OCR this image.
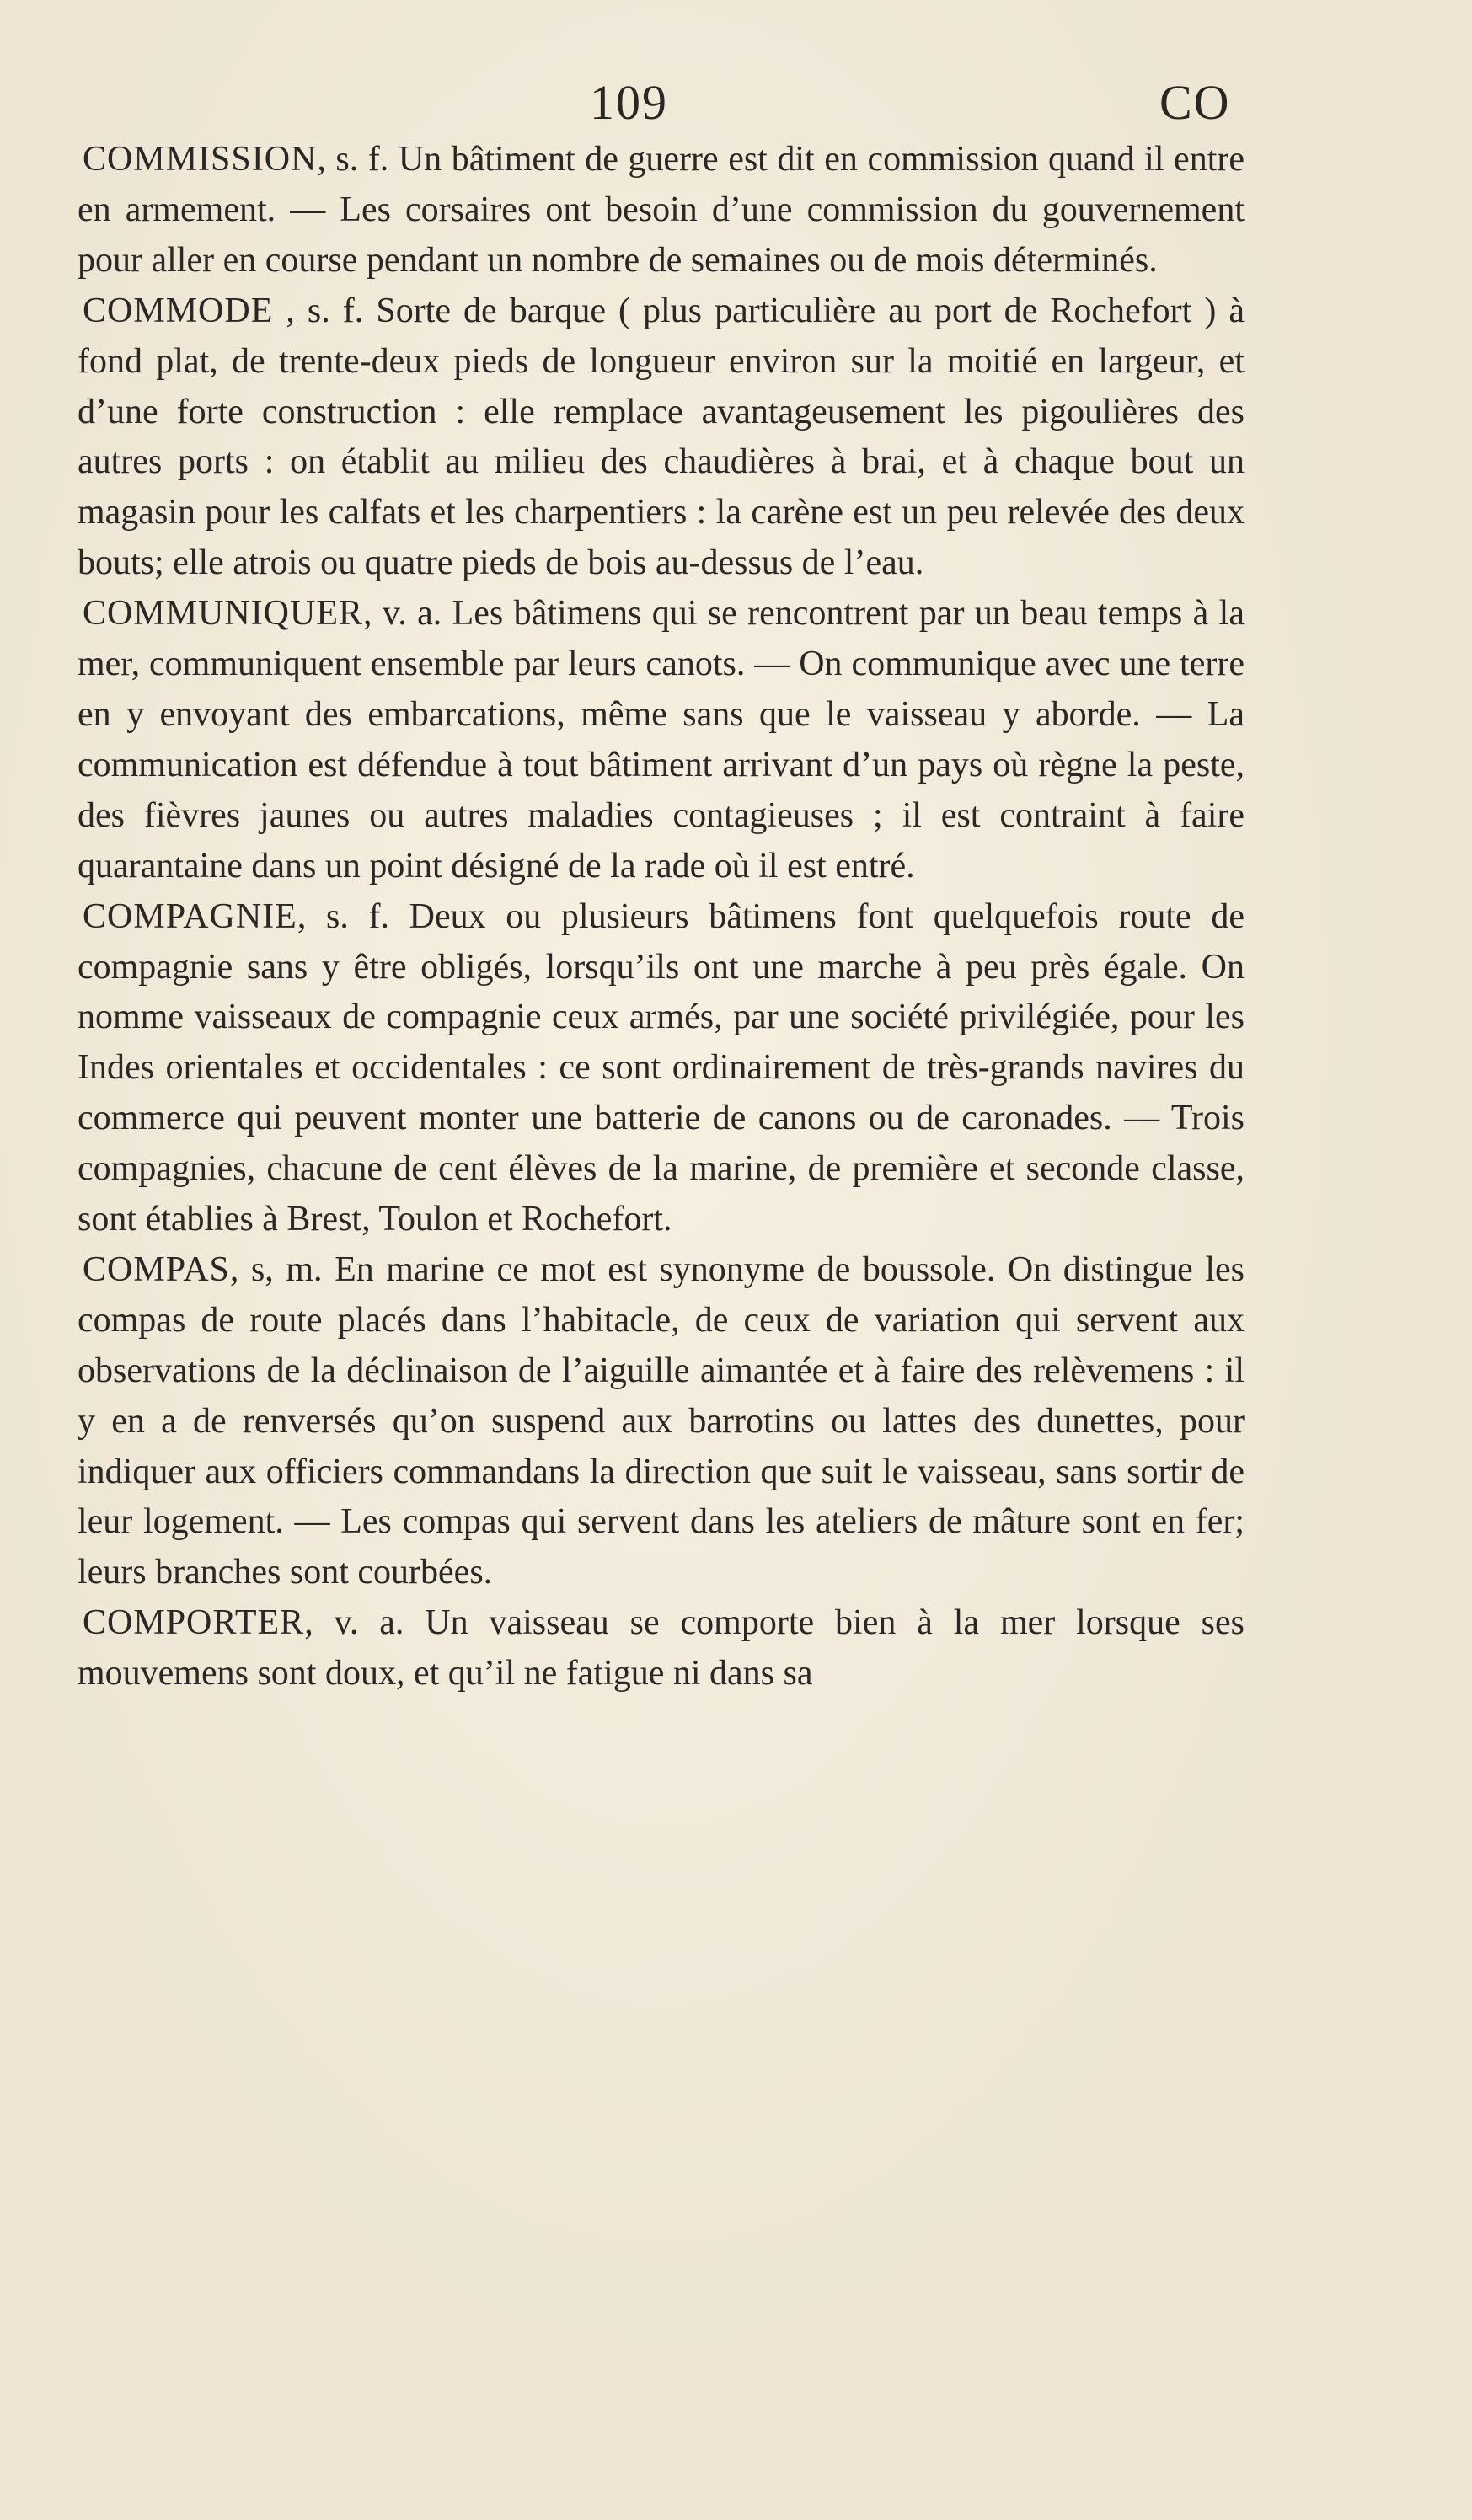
109	CO

COMMISSION, s. f. Un bâtiment de guerre est dit en commission quand il entre en armement. — Les corsaires ont besoin d’une commission du gouvernement pour aller en course pendant un nombre de semaines ou de mois déterminés.

COMMODE , s. f. Sorte de barque ( plus particulière au port de Rochefort ) à fond plat, de trente-deux pieds de longueur environ sur la moitié en largeur, et d’une forte construction : elle remplace avantageusement les pigoulières des autres ports : on établit au milieu des chaudières à brai, et à chaque bout un magasin pour les calfats et les charpentiers : la carène est un peu relevée des deux bouts; elle atrois ou quatre pieds de bois au-dessus de l’eau.

COMMUNIQUER, v. a. Les bâtimens qui se rencontrent par un beau temps à la mer, communiquent ensemble par leurs canots. — On communique avec une terre en y envoyant des embarcations, même sans que le vaisseau y aborde. — La communication est défendue à tout bâtiment arrivant d’un pays où règne la peste, des fièvres jaunes ou autres maladies contagieuses ; il est contraint à faire quarantaine dans un point désigné de la rade où il est entré.

COMPAGNIE, s. f. Deux ou plusieurs bâtimens font quelquefois route de compagnie sans y être obligés, lorsqu’ils ont une marche à peu près égale. On nomme vaisseaux de compagnie ceux armés, par une société privilégiée, pour les Indes orientales et occidentales : ce sont ordinairement de très-grands navires du commerce qui peuvent monter une batterie de canons ou de caronades. — Trois compagnies, chacune de cent élèves de la marine, de première et seconde classe, sont établies à Brest, Toulon et Rochefort.

COMPAS, s, m. En marine ce mot est synonyme de boussole. On distingue les compas de route placés dans l’habitacle, de ceux de variation qui servent aux observations de la déclinaison de l’aiguille aimantée et à faire des relèvemens : il y en a de renversés qu’on suspend aux barrotins ou lattes des dunettes, pour indiquer aux officiers commandans la direction que suit le vaisseau, sans sortir de leur logement. — Les compas qui servent dans les ateliers de mâture sont en fer; leurs branches sont courbées.

COMPORTER, v. a. Un vaisseau se comporte bien à la mer lorsque ses mouvemens sont doux, et qu’il ne fatigue ni dans sa
